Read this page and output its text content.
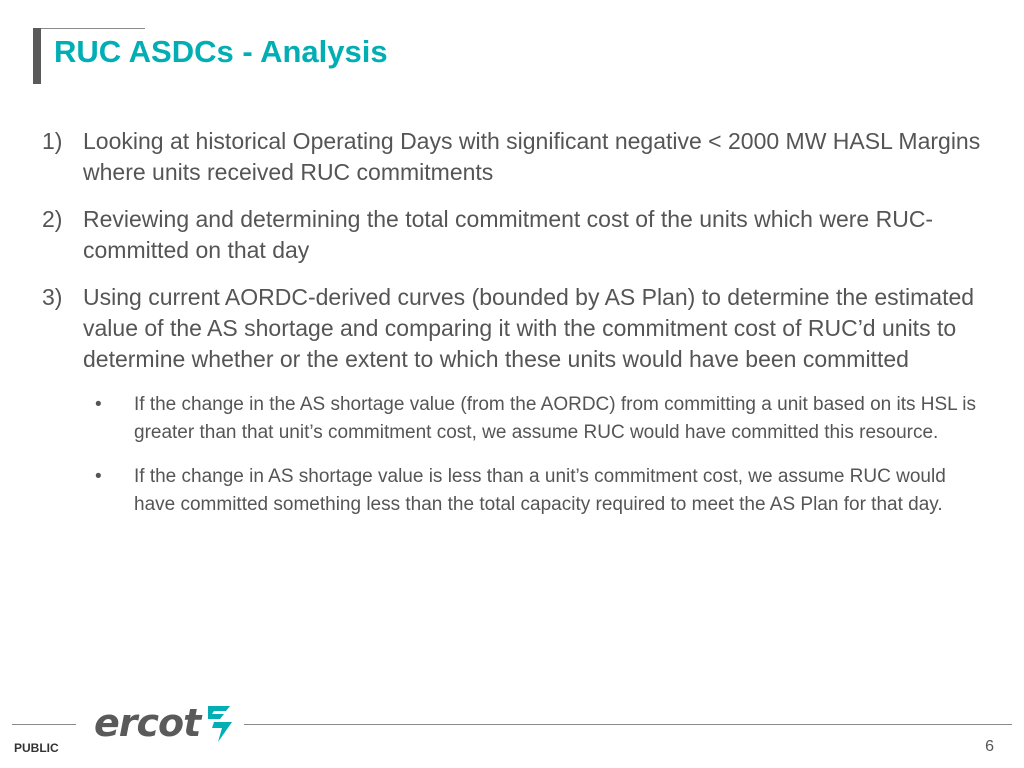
RUC ASDCs - Analysis
1) Looking at historical Operating Days with significant negative < 2000 MW HASL Margins where units received RUC commitments
2) Reviewing and determining the total commitment cost of the units which were RUC-committed on that day
3) Using current AORDC-derived curves (bounded by AS Plan) to determine the estimated value of the AS shortage and comparing it with the commitment cost of RUC’d units to determine whether or the extent to which these units would have been committed
•	If the change in the AS shortage value (from the AORDC) from committing a unit based on its HSL is greater than that unit’s commitment cost, we assume RUC would have committed this resource.
•	If the change in AS shortage value is less than a unit’s commitment cost, we assume RUC would have committed something less than the total capacity required to meet the AS Plan for that day.
ercot
PUBLIC	6
